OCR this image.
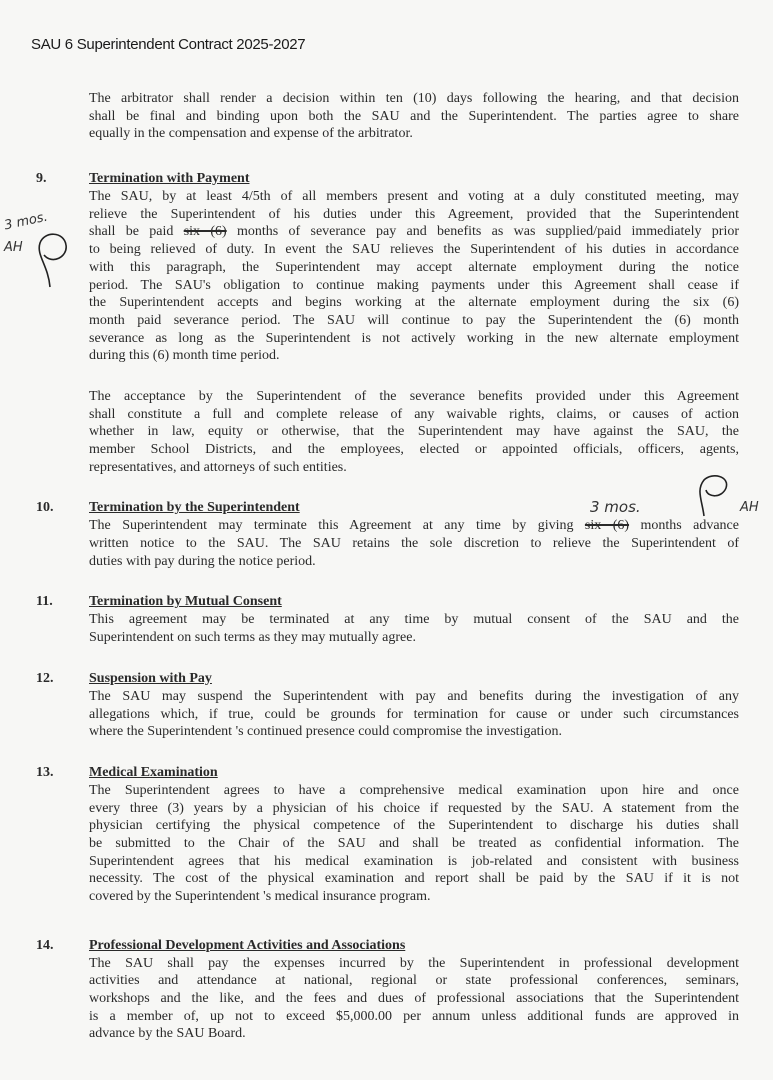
SAU 6 Superintendent Contract 2025-2027
The arbitrator shall render a decision within ten (10) days following the hearing, and that decision
shall be final and binding upon both the SAU and the Superintendent. The parties agree to share
equally in the compensation and expense of the arbitrator.
9.	Termination with Payment
The SAU, by at least 4/5th of all members present and voting at a duly constituted meeting, may
relieve the Superintendent of his duties under this Agreement, provided that the Superintendent
shall be paid six (6) months of severance pay and benefits as was supplied/paid immediately prior
to being relieved of duty. In event the SAU relieves the Superintendent of his duties in accordance
with this paragraph, the Superintendent may accept alternate employment during the notice
period. The SAU's obligation to continue making payments under this Agreement shall cease if
the Superintendent accepts and begins working at the alternate employment during the six (6)
month paid severance period. The SAU will continue to pay the Superintendent the (6) month
severance as long as the Superintendent is not actively working in the new alternate employment
during this (6) month time period.
The acceptance by the Superintendent of the severance benefits provided under this Agreement
shall constitute a full and complete release of any waivable rights, claims, or causes of action
whether in law, equity or otherwise, that the Superintendent may have against the SAU, the
member School Districts, and the employees, elected or appointed officials, officers, agents,
representatives, and attorneys of such entities.
10.	Termination by the Superintendent
The Superintendent may terminate this Agreement at any time by giving six (6) months advance
written notice to the SAU. The SAU retains the sole discretion to relieve the Superintendent of
duties with pay during the notice period.
11.	Termination by Mutual Consent
This agreement may be terminated at any time by mutual consent of the SAU and the
Superintendent on such terms as they may mutually agree.
12.	Suspension with Pay
The SAU may suspend the Superintendent with pay and benefits during the investigation of any
allegations which, if true, could be grounds for termination for cause or under such circumstances
where the Superintendent 's continued presence could compromise the investigation.
13.	Medical Examination
The Superintendent agrees to have a comprehensive medical examination upon hire and once
every three (3) years by a physician of his choice if requested by the SAU. A statement from the
physician certifying the physical competence of the Superintendent to discharge his duties shall
be submitted to the Chair of the SAU and shall be treated as confidential information. The
Superintendent agrees that his medical examination is job-related and consistent with business
necessity. The cost of the physical examination and report shall be paid by the SAU if it is not
covered by the Superintendent 's medical insurance program.
14.	Professional Development Activities and Associations
The SAU shall pay the expenses incurred by the Superintendent in professional development
activities and attendance at national, regional or state professional conferences, seminars,
workshops and the like, and the fees and dues of professional associations that the Superintendent
is a member of, up not to exceed $5,000.00 per annum unless additional funds are approved in
advance by the SAU Board.
3 mos.
AH
3 mos.	AH
